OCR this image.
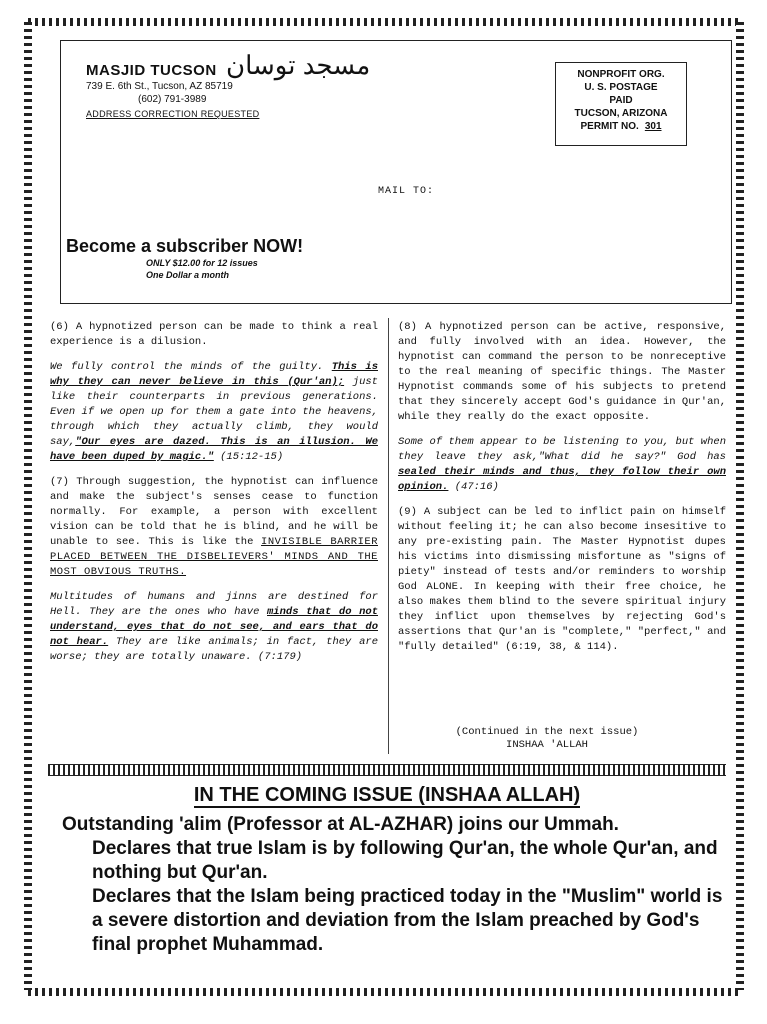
MASJID TUCSON مسجد توسان
739 E. 6th St., Tucson, AZ 85719
(602) 791-3989
ADDRESS CORRECTION REQUESTED
NONPROFIT ORG.
U. S. POSTAGE
PAID
TUCSON, ARIZONA
PERMIT NO. 301
MAIL TO:
Become a subscriber NOW!
ONLY $12.00 for 12 issues
One Dollar a month

(6) A hypnotized person can be made to think a real experience is a dilusion.

We fully control the minds of the guilty. This is why they can never believe in this (Qur'an); just like their counterparts in previous generations. Even if we open up for them a gate into the heavens, through which they actually climb, they would say,"Our eyes are dazed. This is an illusion. We have been duped by magic." (15:12-15)

(7) Through suggestion, the hypnotist can influence and make the subject's senses cease to function normally. For example, a person with excellent vision can be told that he is blind, and he will be unable to see. This is like the INVISIBLE BARRIER PLACED BETWEEN THE DISBELIEVERS' MINDS AND THE MOST OBVIOUS TRUTHS.

Multitudes of humans and jinns are destined for Hell. They are the ones who have minds that do not understand, eyes that do not see, and ears that do not hear. They are like animals; in fact, they are worse; they are totally unaware. (7:179)

(8) A hypnotized person can be active, responsive, and fully involved with an idea. However, the hypnotist can command the person to be nonreceptive to the real meaning of specific things. The Master Hypnotist commands some of his subjects to pretend that they sincerely accept God's guidance in Qur'an, while they really do the exact opposite.

Some of them appear to be listening to you, but when they leave they ask,"What did he say?" God has sealed their minds and thus, they follow their own opinion. (47:16)

(9) A subject can be led to inflict pain on himself without feeling it; he can also become insesitive to any pre-existing pain. The Master Hypnotist dupes his victims into dismissing misfortune as "signs of piety" instead of tests and/or reminders to worship God ALONE. In keeping with their free choice, he also makes them blind to the severe spiritual injury they inflict upon themselves by rejecting God's assertions that Qur'an is "complete," "perfect," and "fully detailed" (6:19, 38, & 114).

(Continued in the next issue)
INSHAA 'ALLAH
IN THE COMING ISSUE (INSHAA ALLAH)
Outstanding 'alim (Professor at AL-AZHAR) joins our Ummah.
Declares that true Islam is by following Qur'an, the whole Qur'an, and nothing but Qur'an.
Declares that the Islam being practiced today in the "Muslim" world is a severe distortion and deviation from the Islam preached by God's final prophet Muhammad.
